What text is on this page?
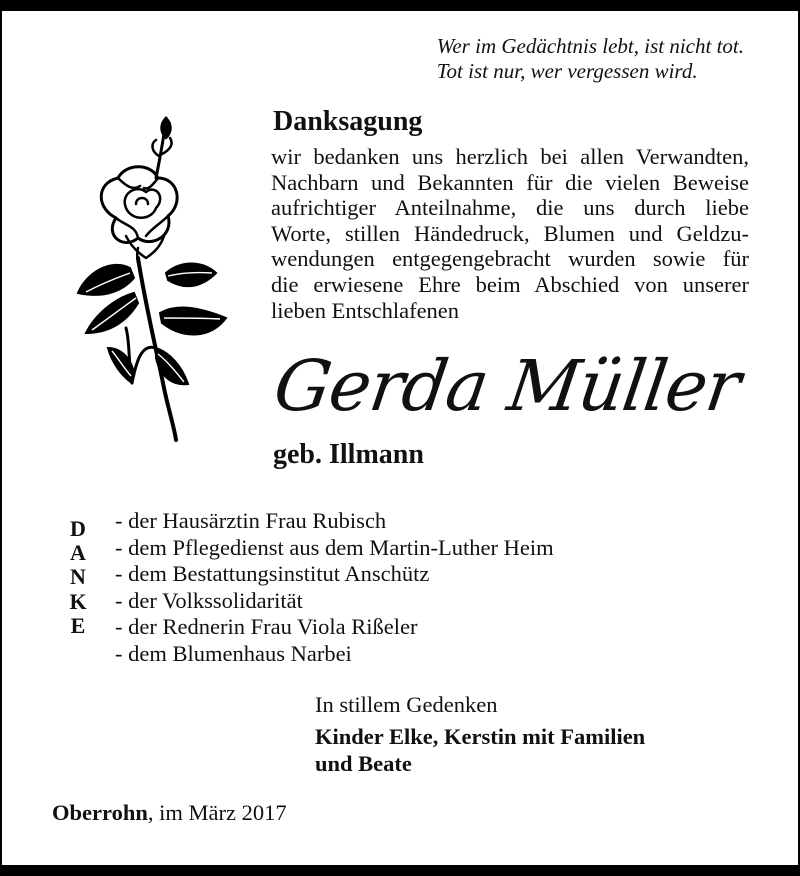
Wer im Gedächtnis lebt, ist nicht tot.
Tot ist nur, wer vergessen wird.
Danksagung
wir bedanken uns herzlich bei allen Verwandten,
Nachbarn und Bekannten für die vielen Beweise
aufrichtiger Anteilnahme, die uns durch liebe
Worte, stillen Händedruck, Blumen und Geldzu-
wendungen entgegengebracht wurden sowie für
die erwiesene Ehre beim Abschied von unserer
lieben Entschlafenen
Gerda Müller
geb. Illmann
D
A
N
K
E
- der Hausärztin Frau Rubisch
- dem Pflegedienst aus dem Martin-Luther Heim
- dem Bestattungsinstitut Anschütz
- der Volkssolidarität
- der Rednerin Frau Viola Rißeler
- dem Blumenhaus Narbei
In stillem Gedenken
Kinder Elke, Kerstin mit Familien
und Beate
Oberrohn, im März 2017
